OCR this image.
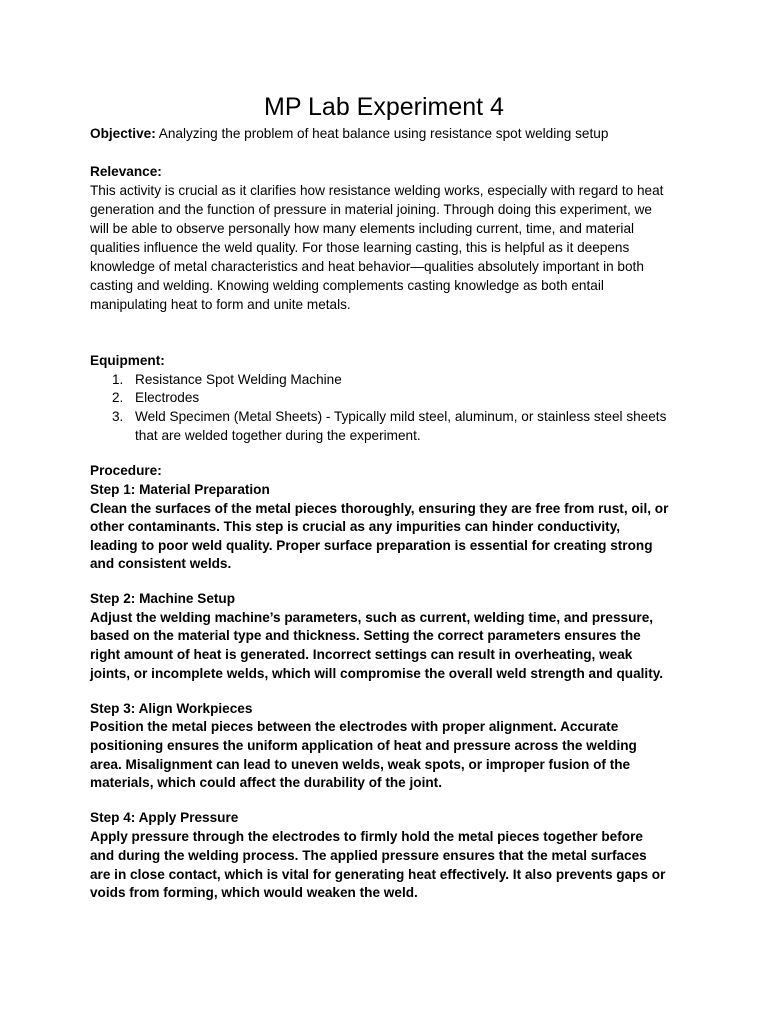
MP Lab Experiment 4
Objective: Analyzing the problem of heat balance using resistance spot welding setup
Relevance:
This activity is crucial as it clarifies how resistance welding works, especially with regard to heat
generation and the function of pressure in material joining. Through doing this experiment, we
will be able to observe personally how many elements including current, time, and material
qualities influence the weld quality. For those learning casting, this is helpful as it deepens
knowledge of metal characteristics and heat behavior—qualities absolutely important in both
casting and welding. Knowing welding complements casting knowledge as both entail
manipulating heat to form and unite metals.
Equipment:
1. Resistance Spot Welding Machine
2. Electrodes
3. Weld Specimen (Metal Sheets) - Typically mild steel, aluminum, or stainless steel sheets
that are welded together during the experiment.
Procedure:
Step 1: Material Preparation
Clean the surfaces of the metal pieces thoroughly, ensuring they are free from rust, oil, or
other contaminants. This step is crucial as any impurities can hinder conductivity,
leading to poor weld quality. Proper surface preparation is essential for creating strong
and consistent welds.
Step 2: Machine Setup
Adjust the welding machine’s parameters, such as current, welding time, and pressure,
based on the material type and thickness. Setting the correct parameters ensures the
right amount of heat is generated. Incorrect settings can result in overheating, weak
joints, or incomplete welds, which will compromise the overall weld strength and quality.
Step 3: Align Workpieces
Position the metal pieces between the electrodes with proper alignment. Accurate
positioning ensures the uniform application of heat and pressure across the welding
area. Misalignment can lead to uneven welds, weak spots, or improper fusion of the
materials, which could affect the durability of the joint.
Step 4: Apply Pressure
Apply pressure through the electrodes to firmly hold the metal pieces together before
and during the welding process. The applied pressure ensures that the metal surfaces
are in close contact, which is vital for generating heat effectively. It also prevents gaps or
voids from forming, which would weaken the weld.
